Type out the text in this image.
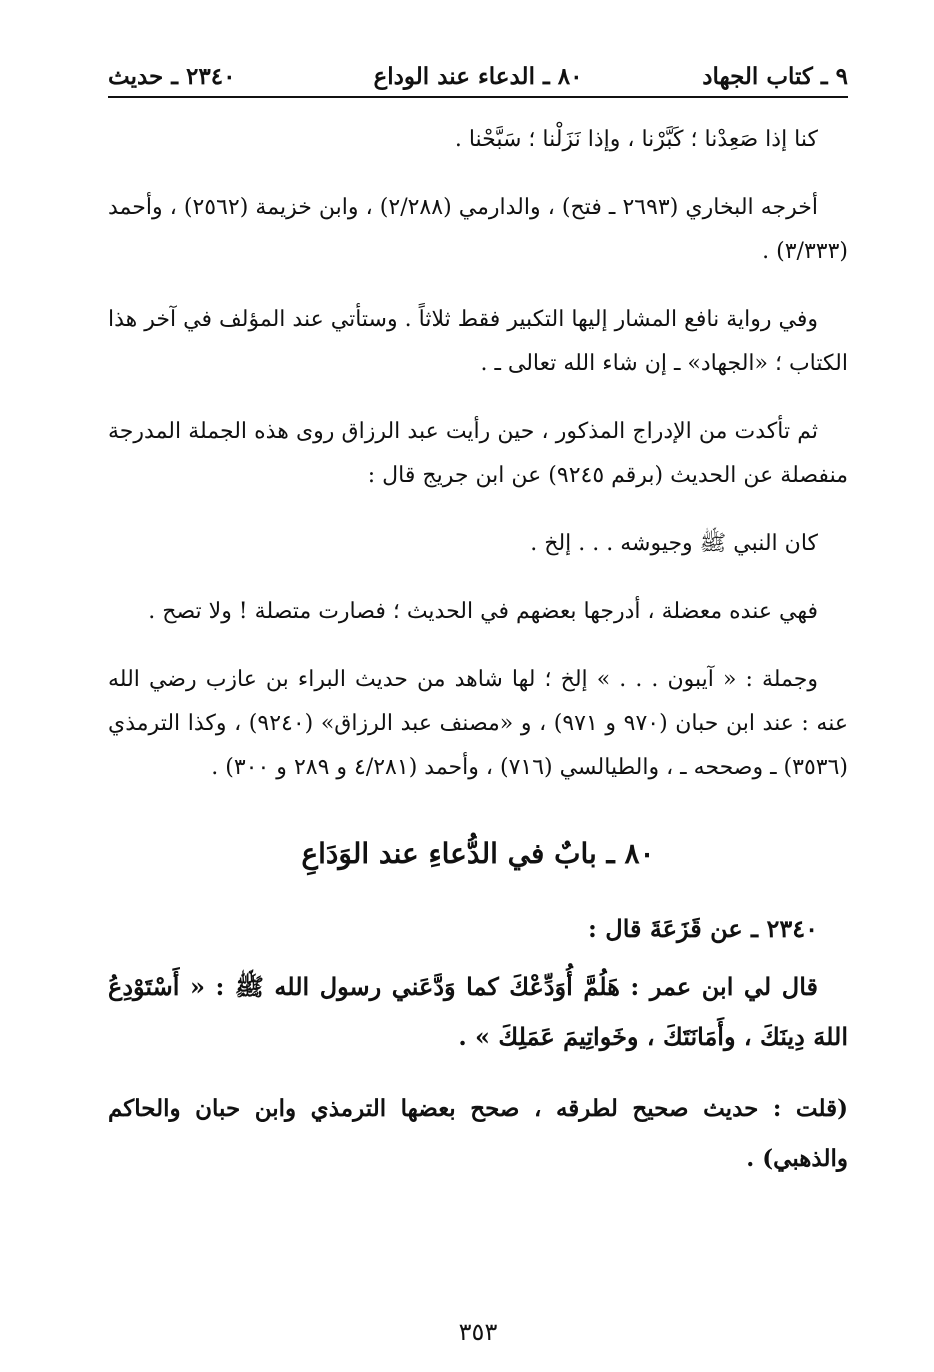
٩ ـ كتاب الجهاد
٨٠ ـ الدعاء عند الوداع
٢٣٤٠ ـ حديث

كنا إذا صَعِدْنا ؛ كَبَّرْنا ، وإذا نَزَلْنا ؛ سَبَّحْنا .

أخرجه البخاري (٢٦٩٣ ـ فتح) ، والدارمي (٢/٢٨٨) ، وابن خزيمة (٢٥٦٢) ، وأحمد (٣/٣٣٣) .

وفي رواية نافع المشار إليها التكبير فقط ثلاثاً . وستأتي عند المؤلف في آخر هذا الكتاب ؛ «الجهاد» ـ إن شاء الله تعالى ـ .

ثم تأكدت من الإدراج المذكور ، حين رأيت عبد الرزاق روى هذه الجملة المدرجة منفصلة عن الحديث (برقم ٩٢٤٥) عن ابن جريج قال :

كان النبي ﷺ وجيوشه . . . إلخ .

فهي عنده معضلة ، أدرجها بعضهم في الحديث ؛ فصارت متصلة ! ولا تصح .

وجملة : « آيبون . . . » إلخ ؛ لها شاهد من حديث البراء بن عازب رضي الله عنه : عند ابن حبان (٩٧٠ و ٩٧١) ، و «مصنف عبد الرزاق» (٩٢٤٠) ، وكذا الترمذي (٣٥٣٦) ـ وصححه ـ ، والطيالسي (٧١٦) ، وأحمد (٤/٢٨١ و ٢٨٩ و ٣٠٠) .

٨٠ ـ بابٌ في الدُّعاءِ عند الوَدَاعِ

٢٣٤٠ ـ عن قَزَعَةَ قال :

قال لي ابن عمر : هَلُمَّ أُوَدِّعْكَ كما وَدَّعَني رسول الله ﷺ : « أَسْتَوْدِعُ اللهَ دِينَكَ ، وأَمَانَتَكَ ، وخَواتِيمَ عَمَلِكَ » .

(قلت : حديث صحيح لطرقه ، صحح بعضها الترمذي وابن حبان والحاكم والذهبي) .

٣٥٣
